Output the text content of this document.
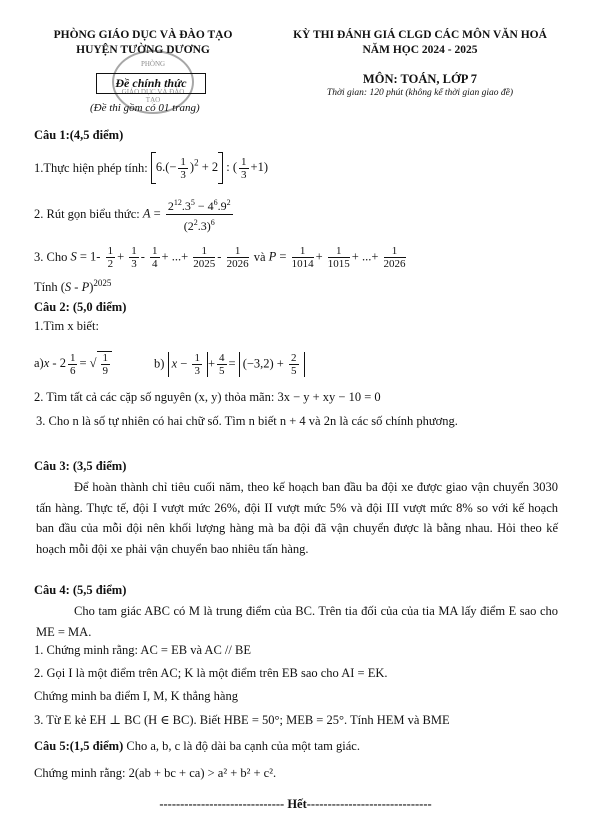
PHÒNG GIÁO DỤC VÀ ĐÀO TẠO
HUYỆN TƯỜNG DƯƠNG
PHÒNG
GIÁO DỤC VÀ ĐÀO TẠO
Đề chính thức
(Đề thi gồm có 01 trang)
KỲ THI ĐÁNH GIÁ CLGD CÁC MÔN VĂN HOÁ
NĂM HỌC 2024 - 2025
MÔN: TOÁN, LỚP 7
Thời gian: 120 phút (không kể thời gian giao đề)
Câu 1:(4,5 điểm)
1.Thực hiện phép tính:
$6.(- \frac{1}{3} )^2 + 2$ : ( $\frac{1}{3} +1$)
2. Rút gọn biểu thức:
$A = \frac{2^{12}.3^5 - 4^6.9^2}{(2^2.3)^6}$
3. Cho
$S = 1- \frac{1}{2} + \frac{1}{3} - \frac{1}{4}$ + ...+ $\frac{1}{2025} - \frac{1}{2026}$
và
$P = \frac{1}{1014} + \frac{1}{1015}$ + ...+ $\frac{1}{2026}$
Tính (S - P)$^{2025}$
Câu 2: (5,0 điểm)
1.Tìm x biết:
$a)x - 2 \frac{1}{6}$ = √ $\frac{1}{9}$	b) $x - \frac{1}{3} + \frac{4}{5} = (-3,2) + \frac{2}{5}$
2. Tìm tất cả các cặp số nguyên (x, y) thỏa mãn: 3x − y + xy − 10 = 0
3. Cho n là số tự nhiên có hai chữ số. Tìm n biết n + 4 và 2n là các số chính phương.
Câu 3: (3,5 điểm)
Để hoàn thành chỉ tiêu cuối năm, theo kế hoạch ban đầu ba đội xe được giao vận chuyển 3030 tấn hàng. Thực tế, đội I vượt mức 26%, đội II vượt mức 5% và đội III vượt mức 8% so với kế hoạch ban đầu của mỗi đội nên khối lượng hàng mà ba đội đã vận chuyển được là bằng nhau. Hỏi theo kế hoạch mỗi đội xe phải vận chuyển bao nhiêu tấn hàng.
Câu 4: (5,5 điểm)
Cho tam giác ABC có M là trung điểm của BC. Trên tia đối của của tia MA lấy điểm E sao cho ME = MA.
1. Chứng minh rằng: AC = EB và AC // BE
2. Gọi I là một điểm trên AC; K là một điểm trên EB sao cho AI = EK.
Chứng minh ba điểm I, M, K thẳng hàng
3. Từ E kẻ EH ⊥ BC (H ∈ BC). Biết HBE = 50°; MEB = 25°. Tính HEM và BME
Câu 5:(1,5 điểm) Cho a, b, c là độ dài ba cạnh của một tam giác.
Chứng minh rằng: 2(ab + bc + ca) > a² + b² + c².
------------------------------ Hết------------------------------
